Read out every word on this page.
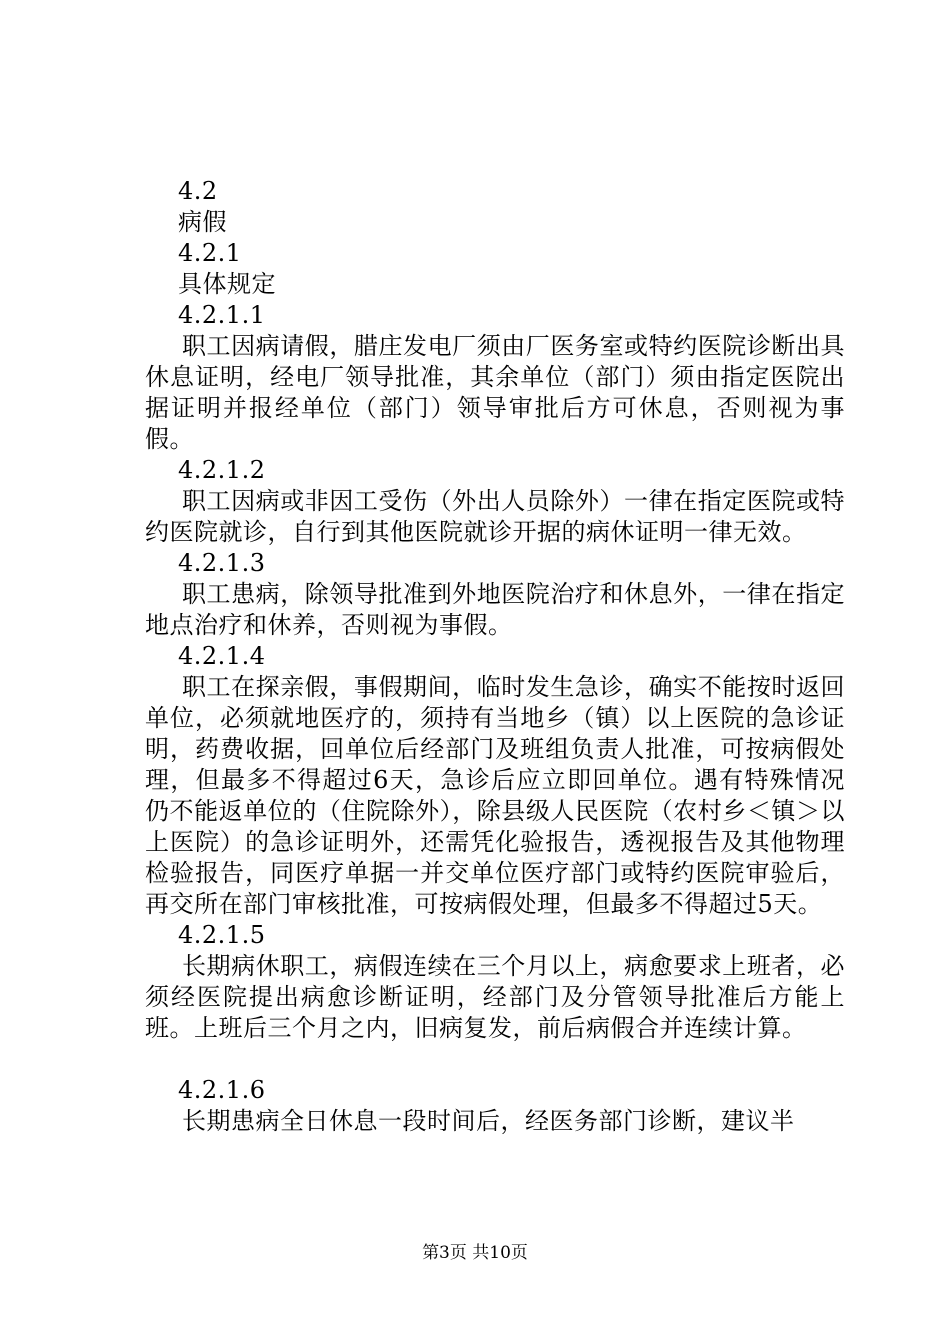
4.2
病假
4.2.1
具体规定
4.2.1.1

职工因病请假，腊庄发电厂须由厂医务室或特约医院诊断出具休息证明，经电厂领导批准，其余单位（部门）须由指定医院出据证明并报经单位（部门）领导审批后方可休息，否则视为事假。

4.2.1.2

职工因病或非因工受伤（外出人员除外）一律在指定医院或特约医院就诊，自行到其他医院就诊开据的病休证明一律无效。

4.2.1.3

职工患病，除领导批准到外地医院治疗和休息外，一律在指定地点治疗和休养，否则视为事假。

4.2.1.4

职工在探亲假，事假期间，临时发生急诊，确实不能按时返回单位，必须就地医疗的，须持有当地乡（镇）以上医院的急诊证明，药费收据，回单位后经部门及班组负责人批准，可按病假处理，但最多不得超过6天，急诊后应立即回单位。遇有特殊情况仍不能返单位的（住院除外），除县级人民医院（农村乡＜镇＞以上医院）的急诊证明外，还需凭化验报告，透视报告及其他物理检验报告，同医疗单据一并交单位医疗部门或特约医院审验后，再交所在部门审核批准，可按病假处理，但最多不得超过5天。

4.2.1.5

长期病休职工，病假连续在三个月以上，病愈要求上班者，必须经医院提出病愈诊断证明，经部门及分管领导批准后方能上班。上班后三个月之内，旧病复发，前后病假合并连续计算。

4.2.1.6

长期患病全日休息一段时间后，经医务部门诊断，建议半

第3页 共10页
